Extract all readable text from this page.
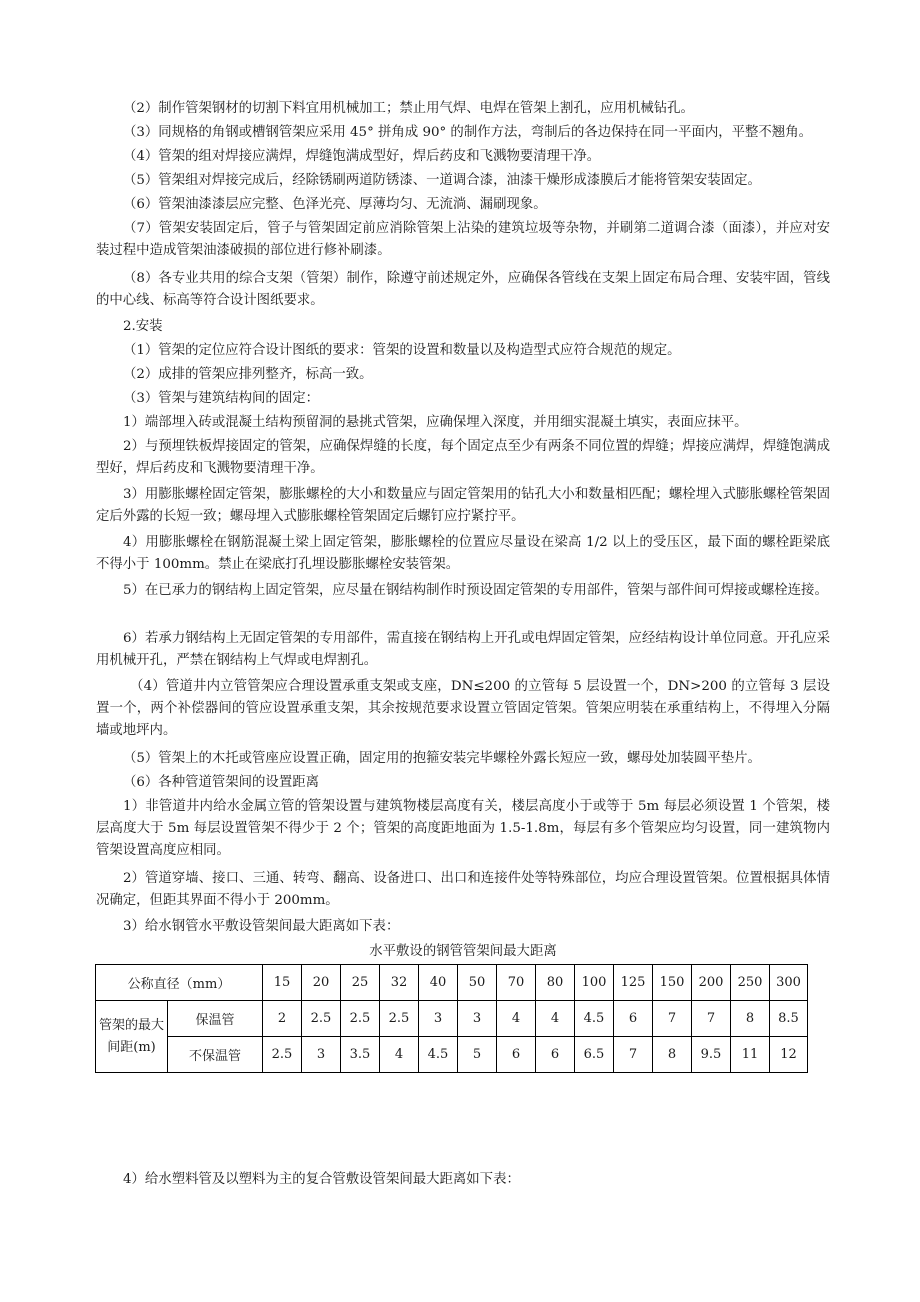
（2）制作管架钢材的切割下料宜用机械加工；禁止用气焊、电焊在管架上割孔，应用机械钻孔。

（3）同规格的角钢或槽钢管架应采用 45° 拼角成 90° 的制作方法，弯制后的各边保持在同一平面内，平整不翘角。

（4）管架的组对焊接应满焊，焊缝饱满成型好，焊后药皮和飞溅物要清理干净。

（5）管架组对焊接完成后，经除锈刷两道防锈漆、一道调合漆，油漆干燥形成漆膜后才能将管架安装固定。

（6）管架油漆漆层应完整、色泽光亮、厚薄均匀、无流淌、漏刷现象。

（7）管架安装固定后，管子与管架固定前应消除管架上沾染的建筑垃圾等杂物，并刷第二道调合漆（面漆），并应对安装过程中造成管架油漆破损的部位进行修补刷漆。

（8）各专业共用的综合支架（管架）制作，除遵守前述规定外，应确保各管线在支架上固定布局合理、安装牢固，管线的中心线、标高等符合设计图纸要求。

2.安装

（1）管架的定位应符合设计图纸的要求：管架的设置和数量以及构造型式应符合规范的规定。

（2）成排的管架应排列整齐，标高一致。

（3）管架与建筑结构间的固定：

1）端部埋入砖或混凝土结构预留洞的悬挑式管架，应确保埋入深度，并用细实混凝土填实，表面应抹平。

2）与预埋铁板焊接固定的管架，应确保焊缝的长度，每个固定点至少有两条不同位置的焊缝；焊接应满焊，焊缝饱满成型好，焊后药皮和飞溅物要清理干净。

3）用膨胀螺栓固定管架，膨胀螺栓的大小和数量应与固定管架用的钻孔大小和数量相匹配；螺栓埋入式膨胀螺栓管架固定后外露的长短一致；螺母埋入式膨胀螺栓管架固定后螺钉应拧紧拧平。

4）用膨胀螺栓在钢筋混凝土梁上固定管架，膨胀螺栓的位置应尽量设在梁高 1/2 以上的受压区，最下面的螺栓距梁底不得小于 100mm。禁止在梁底打孔埋设膨胀螺栓安装管架。

5）在已承力的钢结构上固定管架，应尽量在钢结构制作时预设固定管架的专用部件，管架与部件间可焊接或螺栓连接。

6）若承力钢结构上无固定管架的专用部件，需直接在钢结构上开孔或电焊固定管架，应经结构设计单位同意。开孔应采用机械开孔，严禁在钢结构上气焊或电焊割孔。

（4）管道井内立管管架应合理设置承重支架或支座，DN≤200 的立管每 5 层设置一个，DN>200 的立管每 3 层设置一个，两个补偿器间的管应设置承重支架，其余按规范要求设置立管固定管架。管架应明装在承重结构上，不得埋入分隔墙或地坪内。

（5）管架上的木托或管座应设置正确，固定用的抱箍安装完毕螺栓外露长短应一致，螺母处加装圆平垫片。

（6）各种管道管架间的设置距离

1）非管道井内给水金属立管的管架设置与建筑物楼层高度有关，楼层高度小于或等于 5m 每层必须设置 1 个管架，楼层高度大于 5m 每层设置管架不得少于 2 个；管架的高度距地面为 1.5-1.8m，每层有多个管架应均匀设置，同一建筑物内管架设置高度应相同。

2）管道穿墙、接口、三通、转弯、翻高、设备进口、出口和连接件处等特殊部位，均应合理设置管架。位置根据具体情况确定，但距其界面不得小于 200mm。

3）给水钢管水平敷设管架间最大距离如下表：

水平敷设的钢管管架间最大距离

公称直径（mm）		15	20	25	32	40	50	70	80	100	125	150	200	250	300
管架的最大间距(m)	保温管	2	2.5	2.5	2.5	3	3	4	4	4.5	6	7	7	8	8.5
	不保温管	2.5	3	3.5	4	4.5	5	6	6	6.5	7	8	9.5	11	12

4）给水塑料管及以塑料为主的复合管敷设管架间最大距离如下表：
